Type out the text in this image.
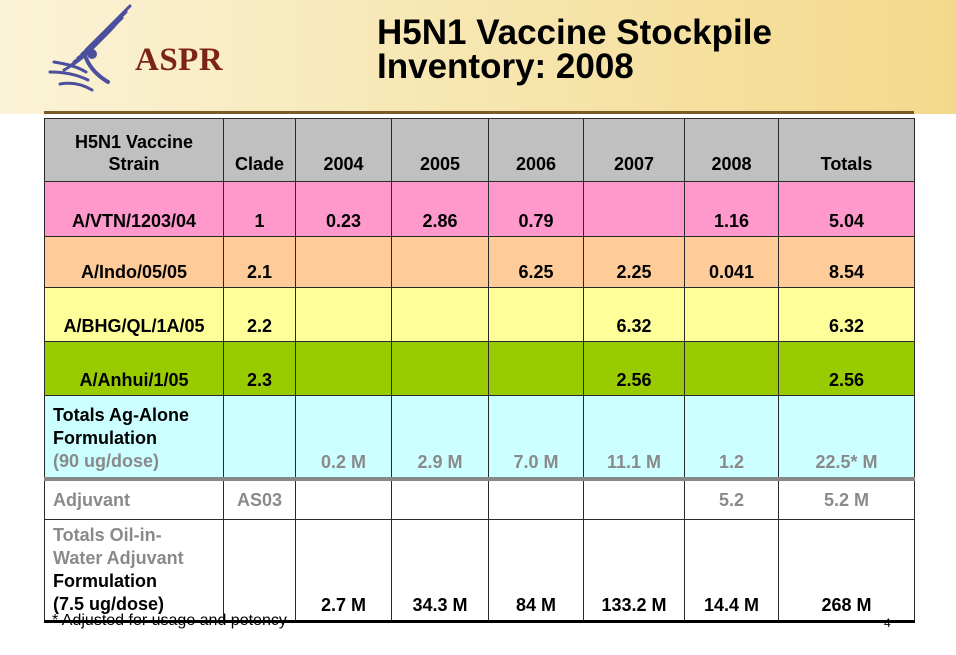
ASPR
H5N1 Vaccine Stockpile
Inventory: 2008
H5N1 Vaccine
Strain	Clade	2004	2005	2006	2007	2008	Totals
A/VTN/1203/04	1	0.23	2.86	0.79		1.16	5.04
A/Indo/05/05	2.1			6.25	2.25	0.041	8.54
A/BHG/QL/1A/05	2.2				6.32		6.32
A/Anhui/1/05	2.3				2.56		2.56

Totals Ag-Alone
Formulation
(90 ug/dose)		0.2 M	2.9 M	7.0 M	11.1 M	1.2	22.5* M
Adjuvant	AS03					5.2	5.2 M

Totals Oil-in-
Water Adjuvant
Formulation
(7.5 ug/dose)		2.7 M	34.3 M	84 M	133.2 M	14.4 M	268 M
* Adjusted for usage and potency	4
